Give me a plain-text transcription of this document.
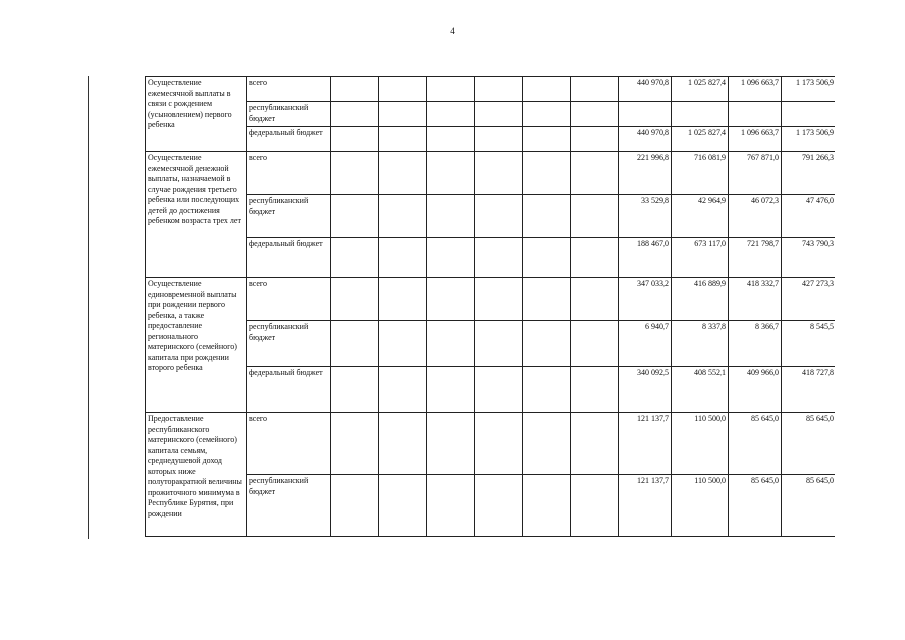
4
Осуществление ежемесячной выплаты в связи с рождением (усыновлением) первого ребенка	всего							440 970,8	1 025 827,4	1 096 663,7	1 173 506,9
	республиканский бюджет										
	федеральный бюджет							440 970,8	1 025 827,4	1 096 663,7	1 173 506,9
Осуществление ежемесячной денежной выплаты, назначаемой в случае рождения третьего ребенка или последующих детей до достижения ребенком возраста трех лет	всего							221 996,8	716 081,9	767 871,0	791 266,3
	республиканский бюджет							33 529,8	42 964,9	46 072,3	47 476,0
	федеральный бюджет							188 467,0	673 117,0	721 798,7	743 790,3
Осуществление единовременной выплаты при рождении первого ребенка, а также предоставление регионального материнского (семейного) капитала при рождении второго ребенка	всего							347 033,2	416 889,9	418 332,7	427 273,3
	республиканский бюджет							6 940,7	8 337,8	8 366,7	8 545,5
	федеральный бюджет							340 092,5	408 552,1	409 966,0	418 727,8
Предоставление республиканского материнского (семейного) капитала семьям, среднедушевой доход которых ниже полуторакратной величины прожиточного минимума в Республике Бурятия, при рождении	всего							121 137,7	110 500,0	85 645,0	85 645,0
	республиканский бюджет							121 137,7	110 500,0	85 645,0	85 645,0
